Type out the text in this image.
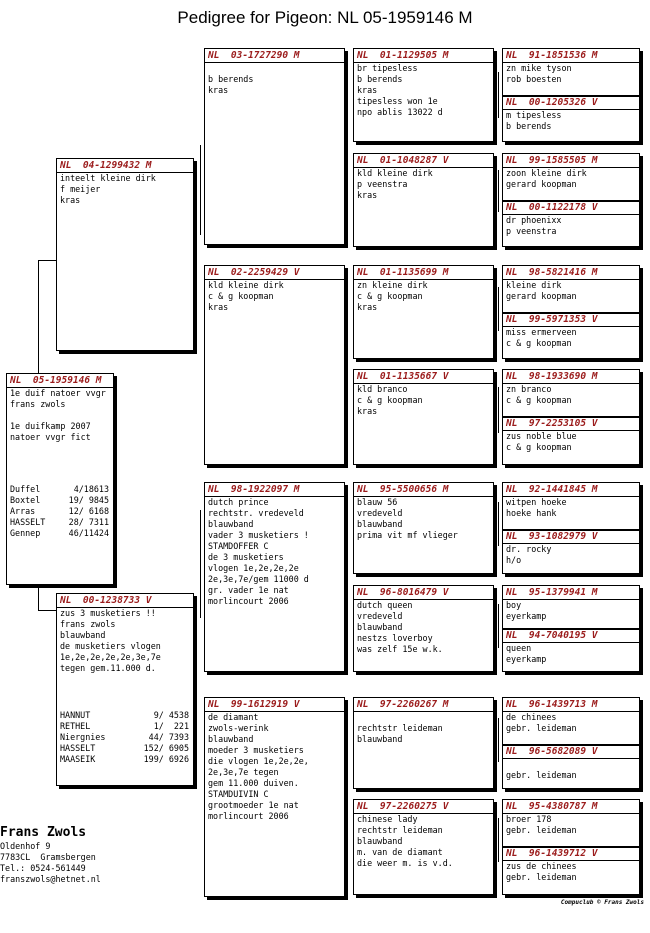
Pedigree for Pigeon: NL 05-1959146 M
NL  05-1959146 M
1e duif natoer vvgr
frans zwols
1e duifkamp 2007
natoer vvgr fict
Duffel	4/18613
Boxtel	19/ 9845
Arras	12/ 6168
HASSELT	28/ 7311
Gennep	46/11424
NL  04-1299432 M
inteelt kleine dirk
f meijer
kras
NL  00-1238733 V
zus 3 musketiers !!
frans zwols
blauwband
de musketiers vlogen
1e,2e,2e,2e,2e,3e,7e
tegen gem.11.000 d.
HANNUT	9/ 4538
RETHEL	1/  221
Niergnies	44/ 7393
HASSELT	152/ 6905
MAASEIK	199/ 6926
NL  03-1727290 M
b berends
kras
NL  02-2259429 V
kld kleine dirk
c & g koopman
kras
NL  98-1922097 M
dutch prince
rechtstr. vredeveld
blauwband
vader 3 musketiers !
STAMDOFFER C
de 3 musketiers
vlogen 1e,2e,2e,2e
2e,3e,7e/gem 11000 d
gr. vader 1e nat
morlincourt 2006
NL  99-1612919 V
de diamant
zwols-werink
blauwband
moeder 3 musketiers
die vlogen 1e,2e,2e,
2e,3e,7e tegen
gem 11.000 duiven.
STAMDUIVIN C
grootmoeder 1e nat
morlincourt 2006
NL  01-1129505 M
br tipesless
b berends
kras
tipesless won 1e
npo ablis 13022 d
NL  01-1048287 V
kld kleine dirk
p veenstra
kras
NL  01-1135699 M
zn kleine dirk
c & g koopman
kras
NL  01-1135667 V
kld branco
c & g koopman
kras
NL  95-5500656 M
blauw 56
vredeveld
blauwband
prima vit mf vlieger
NL  96-8016479 V
dutch queen
vredeveld
blauwband
nestzs loverboy
was zelf 15e w.k.
NL  97-2260267 M
rechtstr leideman
blauwband
NL  97-2260275 V
chinese lady
rechtstr leideman
blauwband
m. van de diamant
die weer m. is v.d.
NL  91-1851536 M
zn mike tyson
rob boesten
NL  00-1205326 V
m tipesless
b berends
NL  99-1585505 M
zoon kleine dirk
gerard koopman
NL  00-1122178 V
dr phoenixx
p veenstra
NL  98-5821416 M
kleine dirk
gerard koopman
NL  99-5971353 V
miss ermerveen
c & g koopman
NL  98-1933690 M
zn branco
c & g koopman
NL  97-2253105 V
zus noble blue
c & g koopman
NL  92-1441845 M
witpen hoeke
hoeke hank
NL  93-1082979 V
dr. rocky
h/o
NL  95-1379941 M
boy
eyerkamp
NL  94-7040195 V
queen
eyerkamp
NL  96-1439713 M
de chinees
gebr. leideman
NL  96-5682089 V
gebr. leideman
NL  95-4380787 M
broer 178
gebr. leideman
NL  96-1439712 V
zus de chinees
gebr. leideman
Frans Zwols
Oldenhof 9
7783CL  Gramsbergen
Tel.: 0524-561449
franszwols@hetnet.nl
Compuclub © Frans Zwols
